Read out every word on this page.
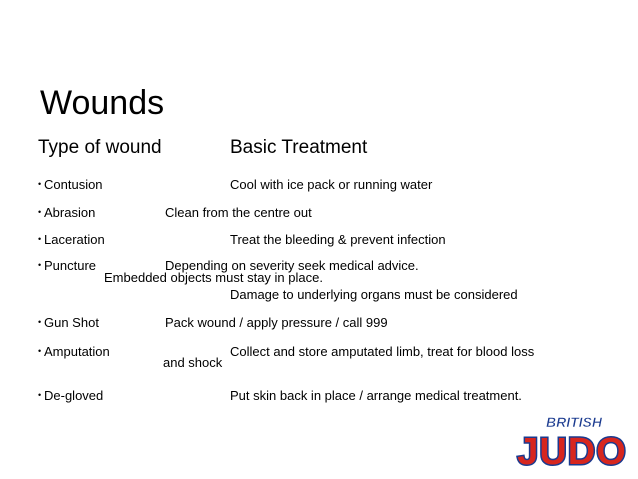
Wounds
Type of wound	Basic Treatment
• Contusion	Cool with ice pack or running water
• Abrasion	Clean from the centre out
• Laceration	Treat the bleeding & prevent infection
• Puncture	Depending on severity seek medical advice.
Embedded objects must stay in place.
Damage to underlying organs must be considered
• Gun Shot	Pack wound / apply pressure / call 999
• Amputation	Collect and store amputated limb, treat for blood loss
and shock
• De-gloved	Put skin back in place / arrange medical treatment.
BRITISH
JUDO
